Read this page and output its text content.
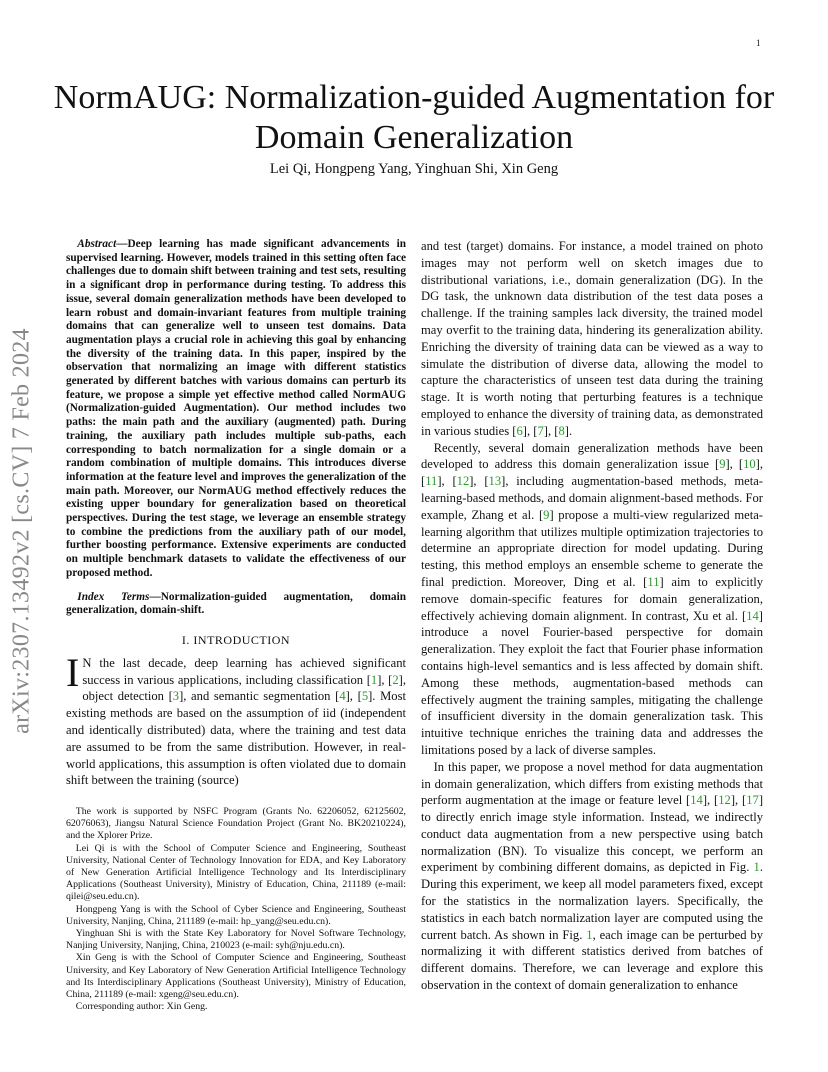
1
arXiv:2307.13492v2 [cs.CV] 7 Feb 2024
NormAUG: Normalization-guided Augmentation for Domain Generalization
Lei Qi, Hongpeng Yang, Yinghuan Shi, Xin Geng

Abstract—Deep learning has made significant advancements in supervised learning. However, models trained in this setting often face challenges due to domain shift between training and test sets, resulting in a significant drop in performance during testing. To address this issue, several domain generalization methods have been developed to learn robust and domain-invariant features from multiple training domains that can generalize well to unseen test domains. Data augmentation plays a crucial role in achieving this goal by enhancing the diversity of the training data. In this paper, inspired by the observation that normalizing an image with different statistics generated by different batches with various domains can perturb its feature, we propose a simple yet effective method called NormAUG (Normalization-guided Augmentation). Our method includes two paths: the main path and the auxiliary (augmented) path. During training, the auxiliary path includes multiple sub-paths, each corresponding to batch normalization for a single domain or a random combination of multiple domains. This introduces diverse information at the feature level and improves the generalization of the main path. Moreover, our NormAUG method effectively reduces the existing upper boundary for generalization based on theoretical perspectives. During the test stage, we leverage an ensemble strategy to combine the predictions from the auxiliary path of our model, further boosting performance. Extensive experiments are conducted on multiple benchmark datasets to validate the effectiveness of our proposed method.

Index Terms—Normalization-guided augmentation, domain generalization, domain-shift.

I. INTRODUCTION

I N the last decade, deep learning has achieved significant success in various applications, including classification [1], [2], object detection [3], and semantic segmentation [4], [5]. Most existing methods are based on the assumption of iid (independent and identically distributed) data, where the training and test data are assumed to be from the same distribution. However, in real-world applications, this assumption is often violated due to domain shift between the training (source)

The work is supported by NSFC Program (Grants No. 62206052, 62125602, 62076063), Jiangsu Natural Science Foundation Project (Grant No. BK20210224), and the Xplorer Prize.

Lei Qi is with the School of Computer Science and Engineering, Southeast University, National Center of Technology Innovation for EDA, and Key Laboratory of New Generation Artificial Intelligence Technology and Its Interdisciplinary Applications (Southeast University), Ministry of Education, China, 211189 (e-mail: qilei@seu.edu.cn).

Hongpeng Yang is with the School of Cyber Science and Engineering, Southeast University, Nanjing, China, 211189 (e-mail: hp_yang@seu.edu.cn).

Yinghuan Shi is with the State Key Laboratory for Novel Software Technology, Nanjing University, Nanjing, China, 210023 (e-mail: syh@nju.edu.cn).

Xin Geng is with the School of Computer Science and Engineering, Southeast University, and Key Laboratory of New Generation Artificial Intelligence Technology and Its Interdisciplinary Applications (Southeast University), Ministry of Education, China, 211189 (e-mail: xgeng@seu.edu.cn).

Corresponding author: Xin Geng.

and test (target) domains. For instance, a model trained on photo images may not perform well on sketch images due to distributional variations, i.e., domain generalization (DG). In the DG task, the unknown data distribution of the test data poses a challenge. If the training samples lack diversity, the trained model may overfit to the training data, hindering its generalization ability. Enriching the diversity of training data can be viewed as a way to simulate the distribution of diverse data, allowing the model to capture the characteristics of unseen test data during the training stage. It is worth noting that perturbing features is a technique employed to enhance the diversity of training data, as demonstrated in various studies [6], [7], [8].

Recently, several domain generalization methods have been developed to address this domain generalization issue [9], [10], [11], [12], [13], including augmentation-based methods, meta-learning-based methods, and domain alignment-based methods. For example, Zhang et al. [9] propose a multi-view regularized meta-learning algorithm that utilizes multiple optimization trajectories to determine an appropriate direction for model updating. During testing, this method employs an ensemble scheme to generate the final prediction. Moreover, Ding et al. [11] aim to explicitly remove domain-specific features for domain generalization, effectively achieving domain alignment. In contrast, Xu et al. [14] introduce a novel Fourier-based perspective for domain generalization. They exploit the fact that Fourier phase information contains high-level semantics and is less affected by domain shift. Among these methods, augmentation-based methods can effectively augment the training samples, mitigating the challenge of insufficient diversity in the domain generalization task. This intuitive technique enriches the training data and addresses the limitations posed by a lack of diverse samples.

In this paper, we propose a novel method for data augmentation in domain generalization, which differs from existing methods that perform augmentation at the image or feature level [14], [12], [17] to directly enrich image style information. Instead, we indirectly conduct data augmentation from a new perspective using batch normalization (BN). To visualize this concept, we perform an experiment by combining different domains, as depicted in Fig. 1. During this experiment, we keep all model parameters fixed, except for the statistics in the normalization layers. Specifically, the statistics in each batch normalization layer are computed using the current batch. As shown in Fig. 1, each image can be perturbed by normalizing it with different statistics derived from batches of different domains. Therefore, we can leverage and explore this observation in the context of domain generalization to enhance
